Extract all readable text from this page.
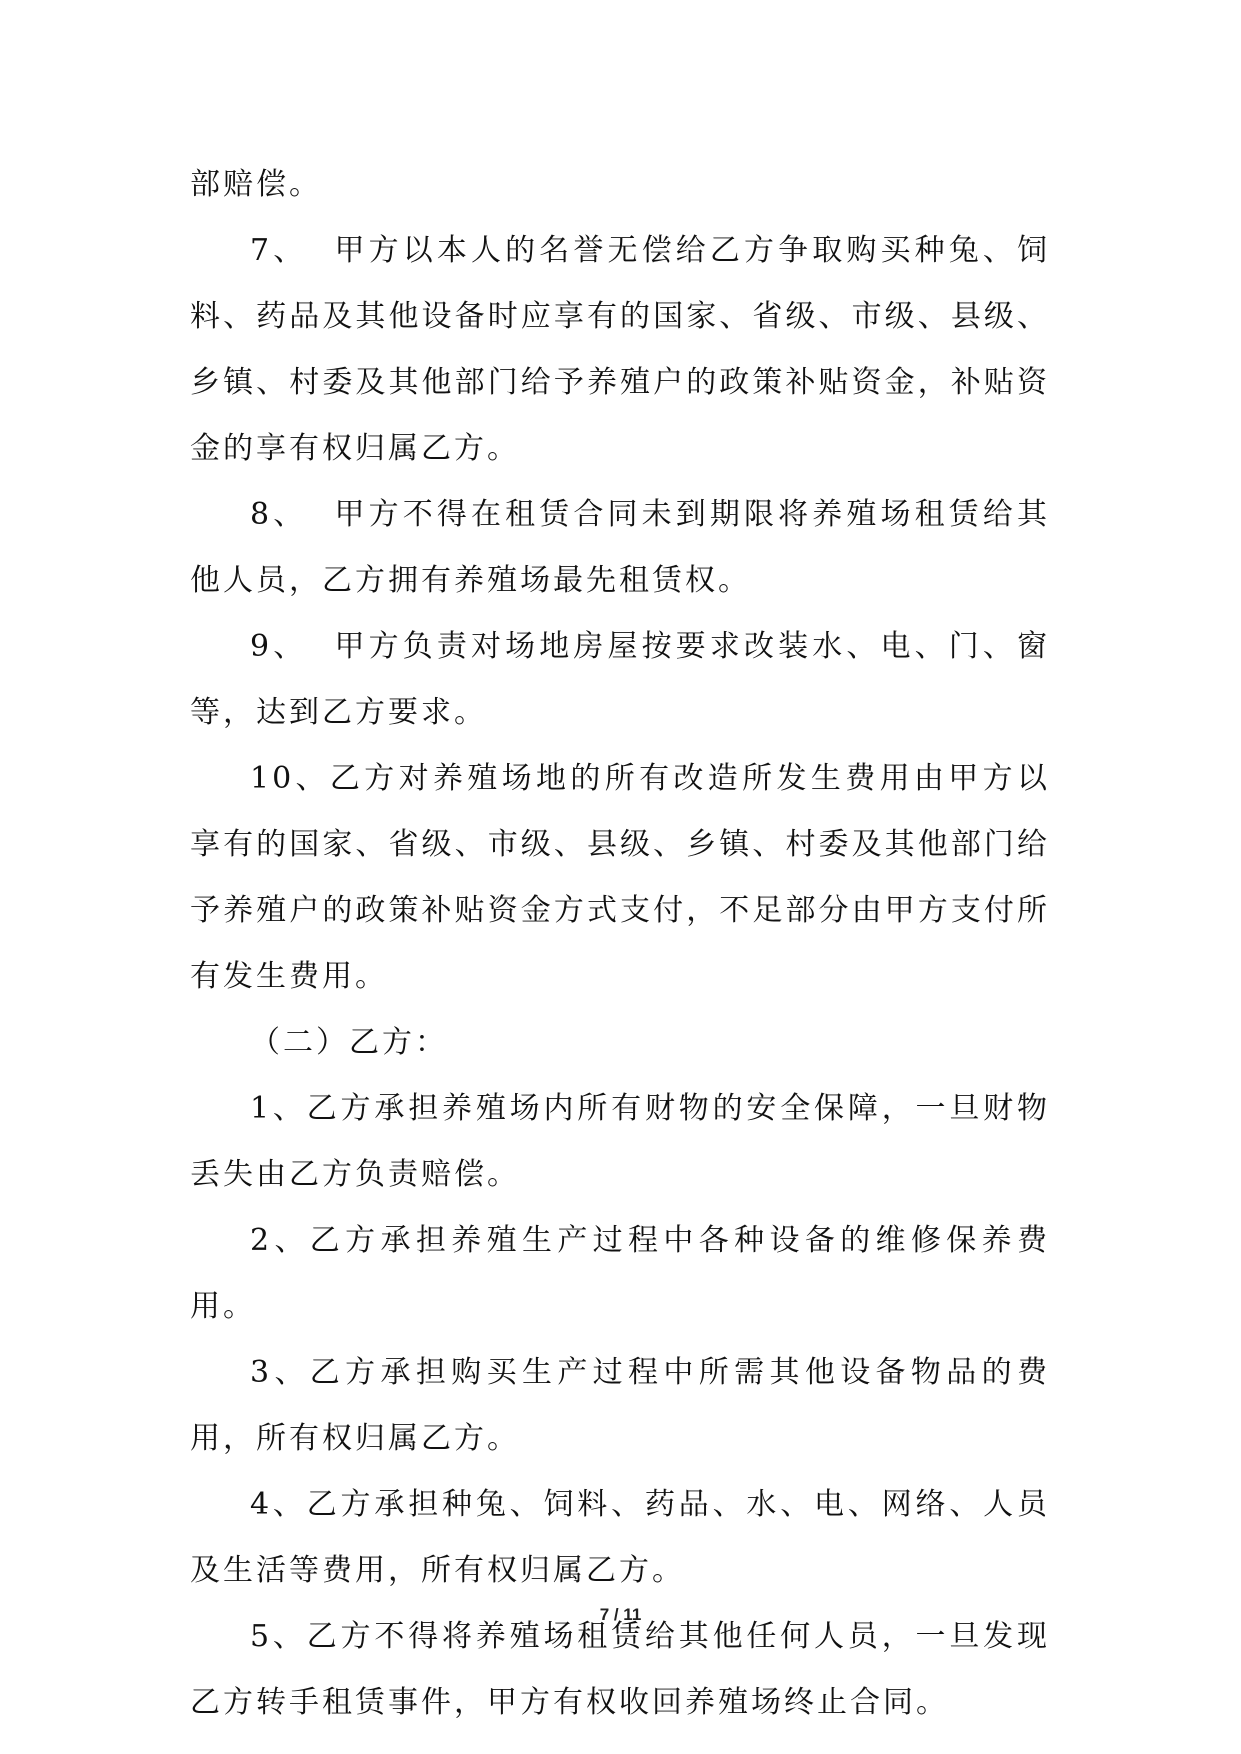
部赔偿。

7、 甲方以本人的名誉无偿给乙方争取购买种兔、饲料、药品及其他设备时应享有的国家、省级、市级、县级、乡镇、村委及其他部门给予养殖户的政策补贴资金，补贴资金的享有权归属乙方。

8、 甲方不得在租赁合同未到期限将养殖场租赁给其他人员，乙方拥有养殖场最先租赁权。

9、 甲方负责对场地房屋按要求改装水、电、门、窗等，达到乙方要求。

10、乙方对养殖场地的所有改造所发生费用由甲方以享有的国家、省级、市级、县级、乡镇、村委及其他部门给予养殖户的政策补贴资金方式支付，不足部分由甲方支付所有发生费用。

（二）乙方：

1、乙方承担养殖场内所有财物的安全保障，一旦财物丢失由乙方负责赔偿。

2、乙方承担养殖生产过程中各种设备的维修保养费用。

3、乙方承担购买生产过程中所需其他设备物品的费用，所有权归属乙方。

4、乙方承担种兔、饲料、药品、水、电、网络、人员及生活等费用，所有权归属乙方。

5、乙方不得将养殖场租赁给其他任何人员，一旦发现乙方转手租赁事件，甲方有权收回养殖场终止合同。

7 / 11
